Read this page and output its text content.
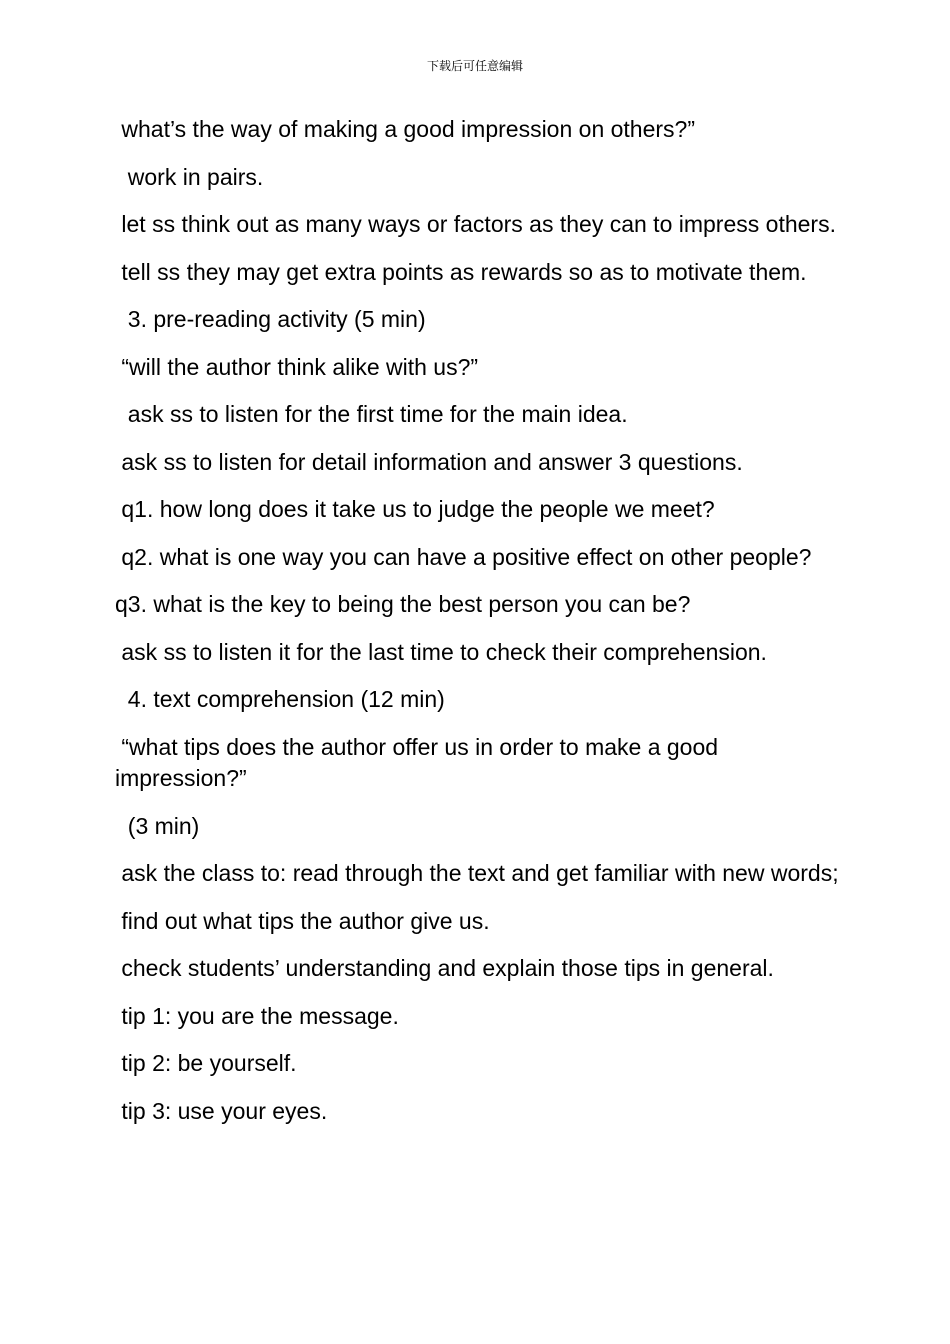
下载后可任意编辑

what’s the way of making a good impression on others?”

work in pairs.

let ss think out as many ways or factors as they can to impress others.

tell ss they may get extra points as rewards so as to motivate them.

3. pre-reading activity (5 min)

“will the author think alike with us?”

ask ss to listen for the first time for the main idea.

ask ss to listen for detail information and answer 3 questions.

q1. how long does it take us to judge the people we meet?

q2. what is one way you can have a positive effect on other people?

q3. what is the key to being the best person you can be?

ask ss to listen it for the last time to check their comprehension.

4. text comprehension (12 min)

“what tips does the author offer us in order to make a good impression?”

(3 min)

ask the class to: read through the text and get familiar with new words;

find out what tips the author give us.

check students’ understanding and explain those tips in general.

tip 1: you are the message.

tip 2: be yourself.

tip 3: use your eyes.
